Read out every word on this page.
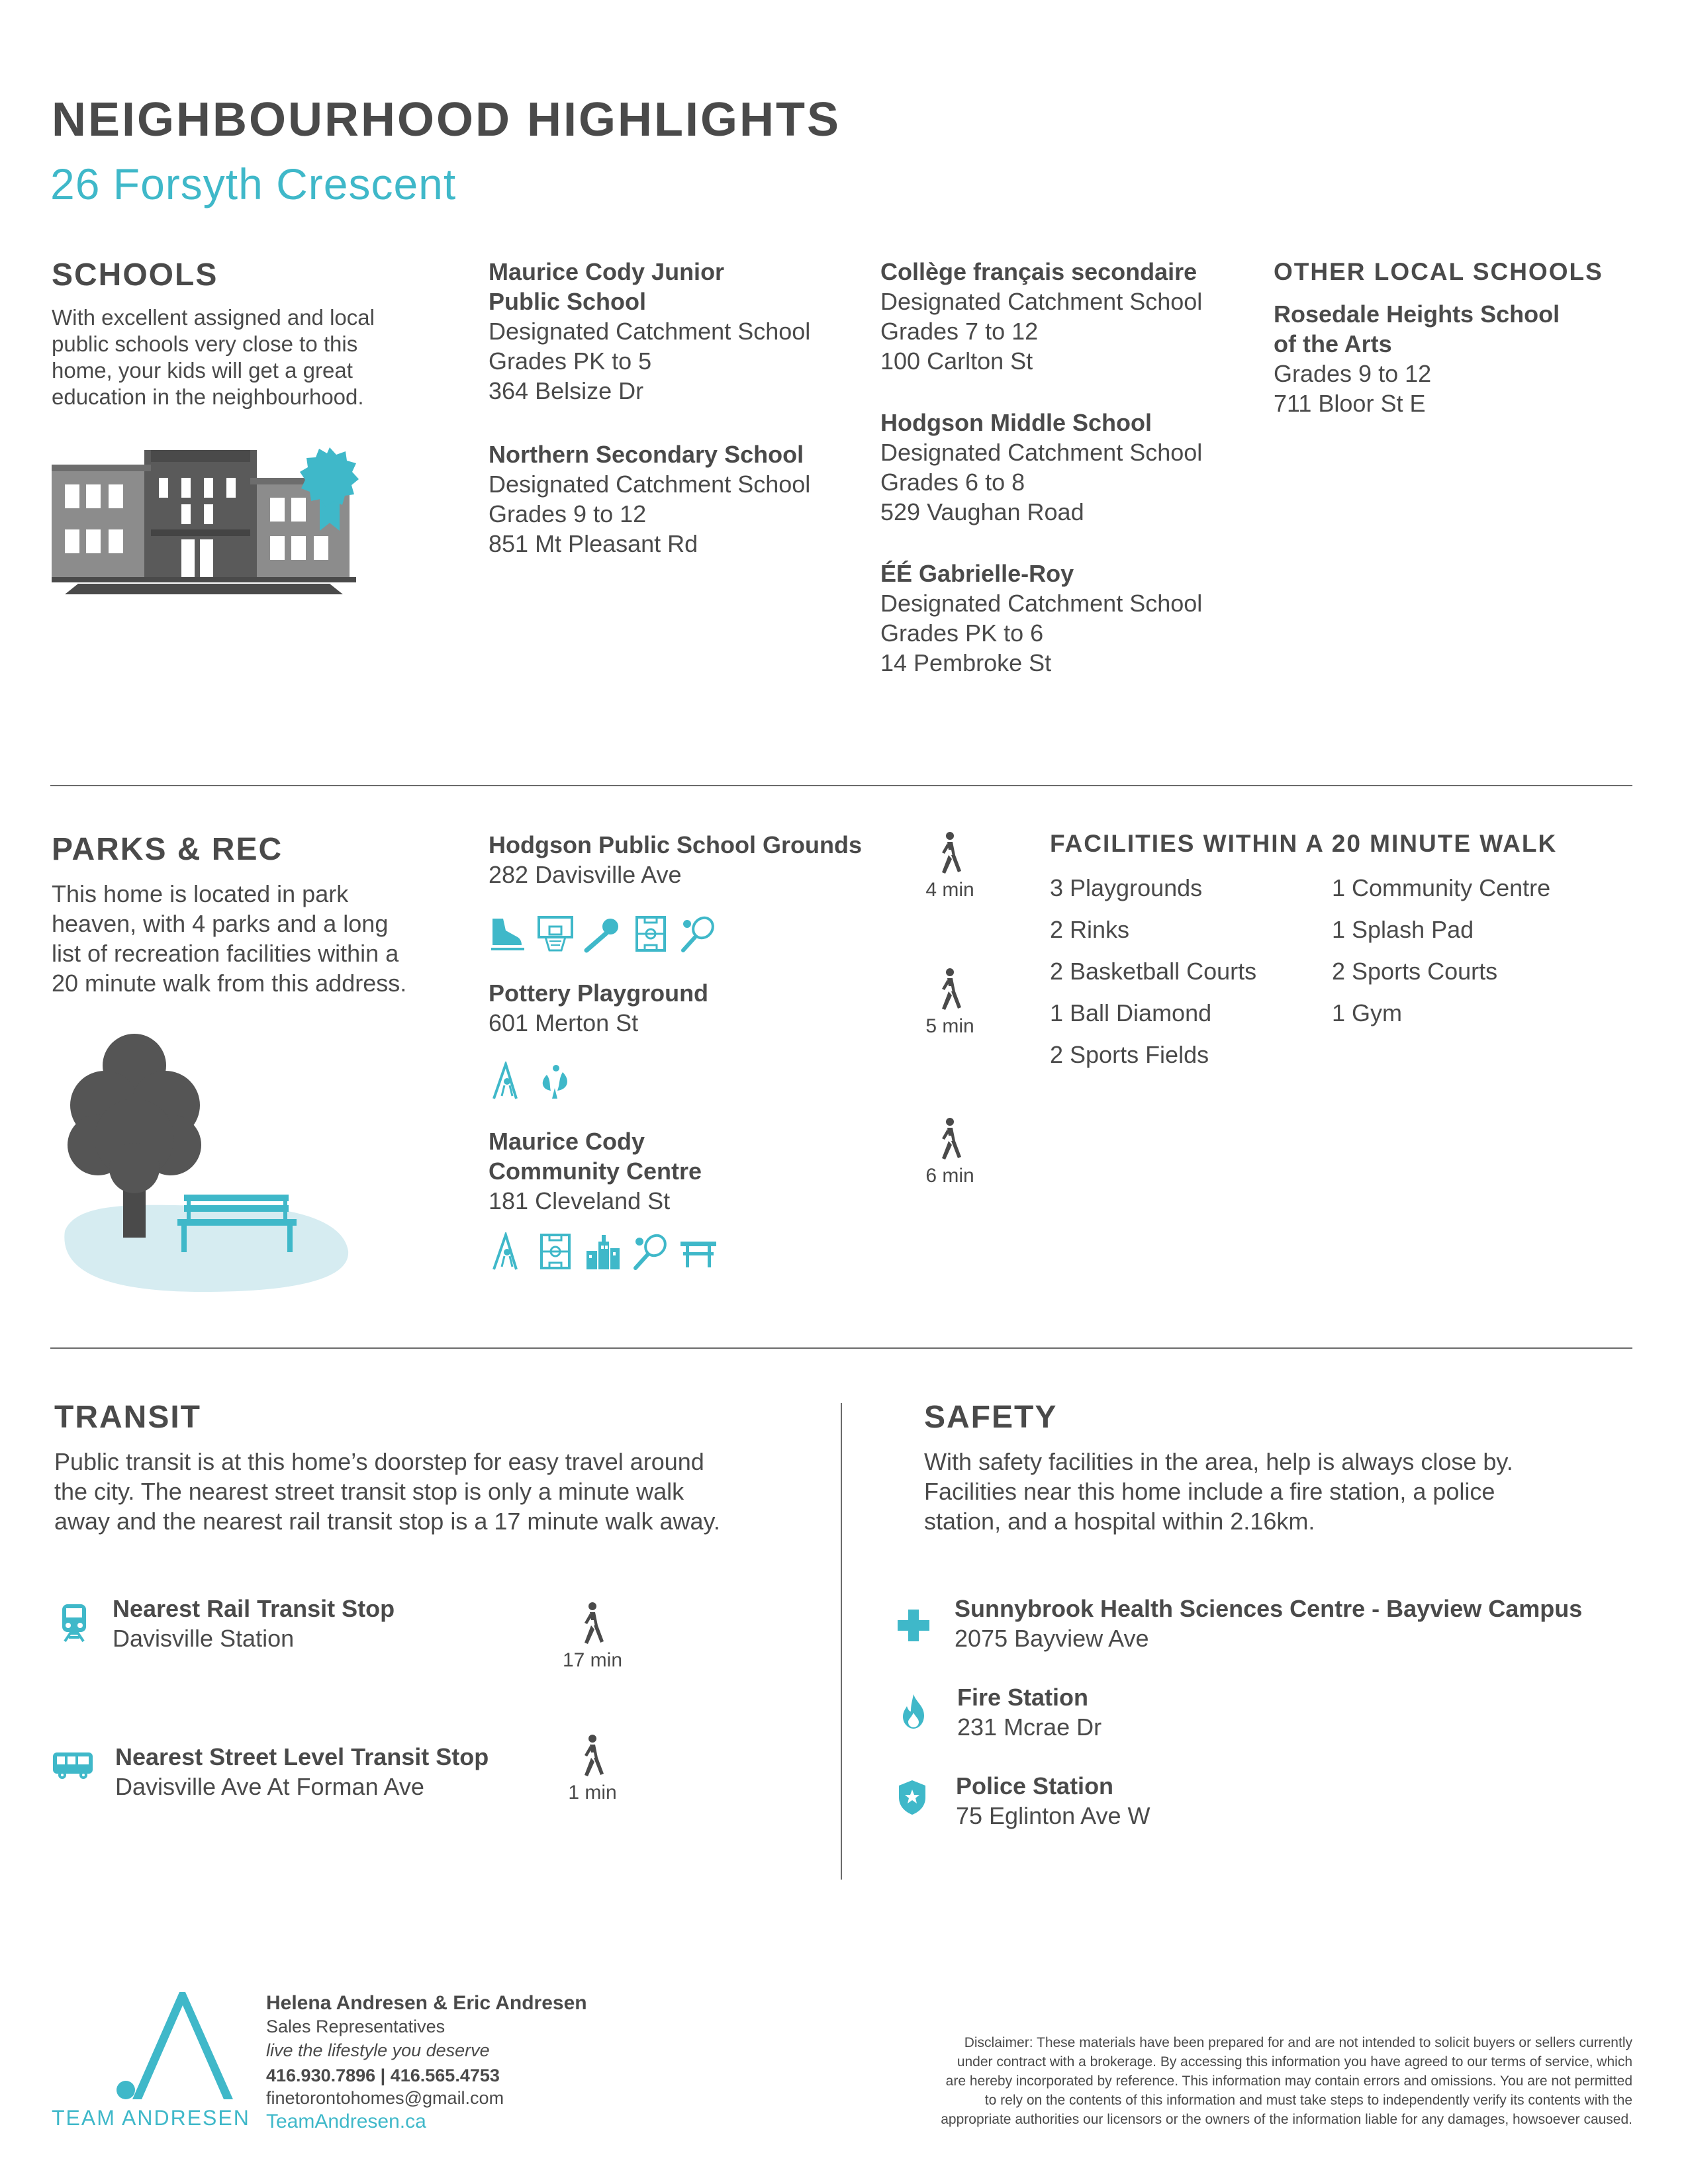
NEIGHBOURHOOD HIGHLIGHTS
26 Forsyth Crescent
SCHOOLS
With excellent assigned and local
public schools very close to this
home, your kids will get a great
education in the neighbourhood.
Maurice Cody Junior
Public School
Designated Catchment School
Grades PK to 5
364 Belsize Dr
Northern Secondary School
Designated Catchment School
Grades 9 to 12
851 Mt Pleasant Rd
Collège français secondaire
Designated Catchment School
Grades 7 to 12
100 Carlton St
Hodgson Middle School
Designated Catchment School
Grades 6 to 8
529 Vaughan Road
ÉÉ Gabrielle-Roy
Designated Catchment School
Grades PK to 6
14 Pembroke St
OTHER LOCAL SCHOOLS
Rosedale Heights School
of the Arts
Grades 9 to 12
711 Bloor St E
PARKS & REC
This home is located in park
heaven, with 4 parks and a long
list of recreation facilities within a
20 minute walk from this address.
Hodgson Public School Grounds
282 Davisville Ave
4 min
Pottery Playground
601 Merton St	5 min
Maurice Cody
Community Centre
181 Cleveland St
6 min
FACILITIES WITHIN A 20 MINUTE WALK
3 Playgrounds
2 Rinks
2 Basketball Courts
1 Ball Diamond
2 Sports Fields
1 Community Centre
1 Splash Pad
2 Sports Courts
1 Gym
TRANSIT
Public transit is at this home’s doorstep for easy travel around
the city. The nearest street transit stop is only a minute walk
away and the nearest rail transit stop is a 17 minute walk away.
Nearest Rail Transit Stop
Davisville Station
17 min
Nearest Street Level Transit Stop
Davisville Ave At Forman Ave	1 min
SAFETY
With safety facilities in the area, help is always close by.
Facilities near this home include a fire station, a police
station, and a hospital within 2.16km.
Sunnybrook Health Sciences Centre - Bayview Campus
2075 Bayview Ave
Fire Station
231 Mcrae Dr
Police Station
75 Eglinton Ave W
TEAM ANDRESEN
Helena Andresen & Eric Andresen
Sales Representatives
live the lifestyle you deserve
416.930.7896 | 416.565.4753
finetorontohomes@gmail.com
TeamAndresen.ca
Disclaimer: These materials have been prepared for and are not intended to solicit buyers or sellers currently
under contract with a brokerage. By accessing this information you have agreed to our terms of service, which
are hereby incorporated by reference. This information may contain errors and omissions. You are not permitted
to rely on the contents of this information and must take steps to independently verify its contents with the
appropriate authorities our licensors or the owners of the information liable for any damages, howsoever caused.
